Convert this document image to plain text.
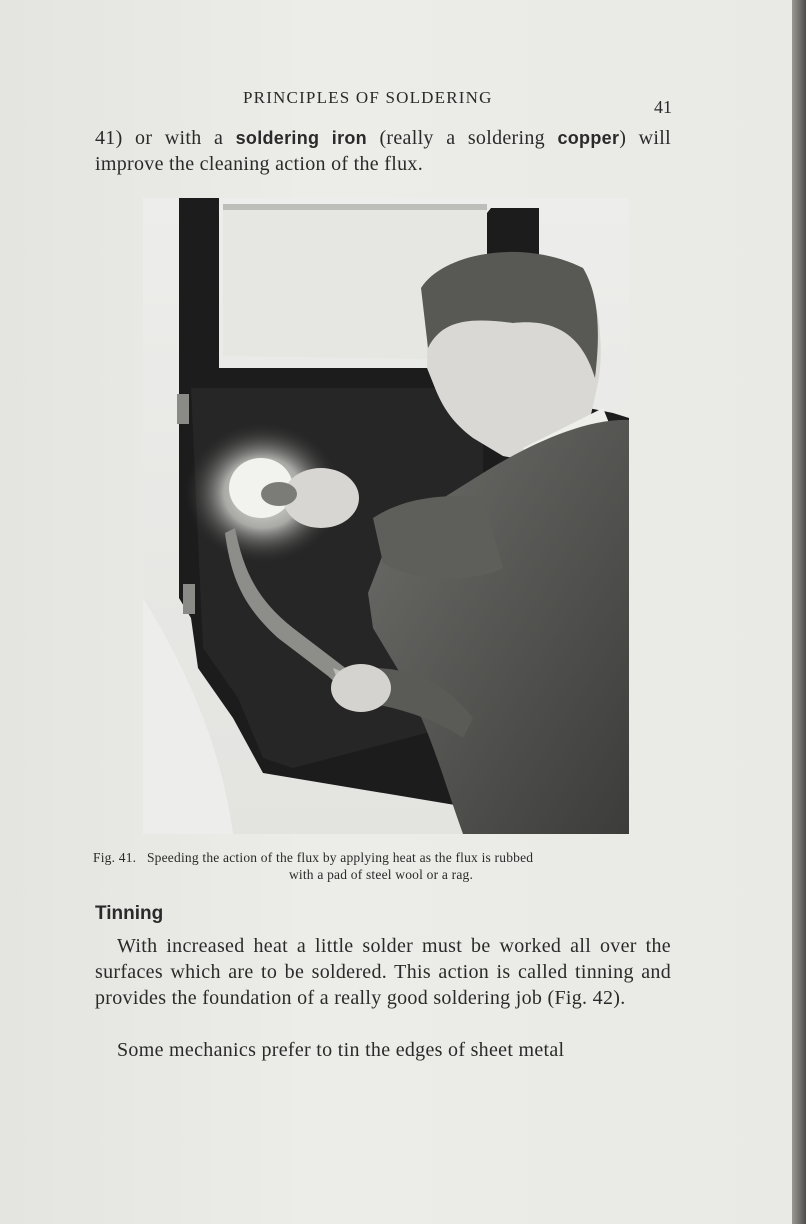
PRINCIPLES OF SOLDERING	41
41) or with a soldering iron (really a soldering copper) will improve the cleaning action of the flux.
Fig. 41.   Speeding the action of the flux by applying heat as the flux is rubbed
with a pad of steel wool or a rag.
Tinning
With increased heat a little solder must be worked all over the surfaces which are to be soldered. This action is called tinning and provides the foundation of a really good soldering job (Fig. 42).
Some mechanics prefer to tin the edges of sheet metal
